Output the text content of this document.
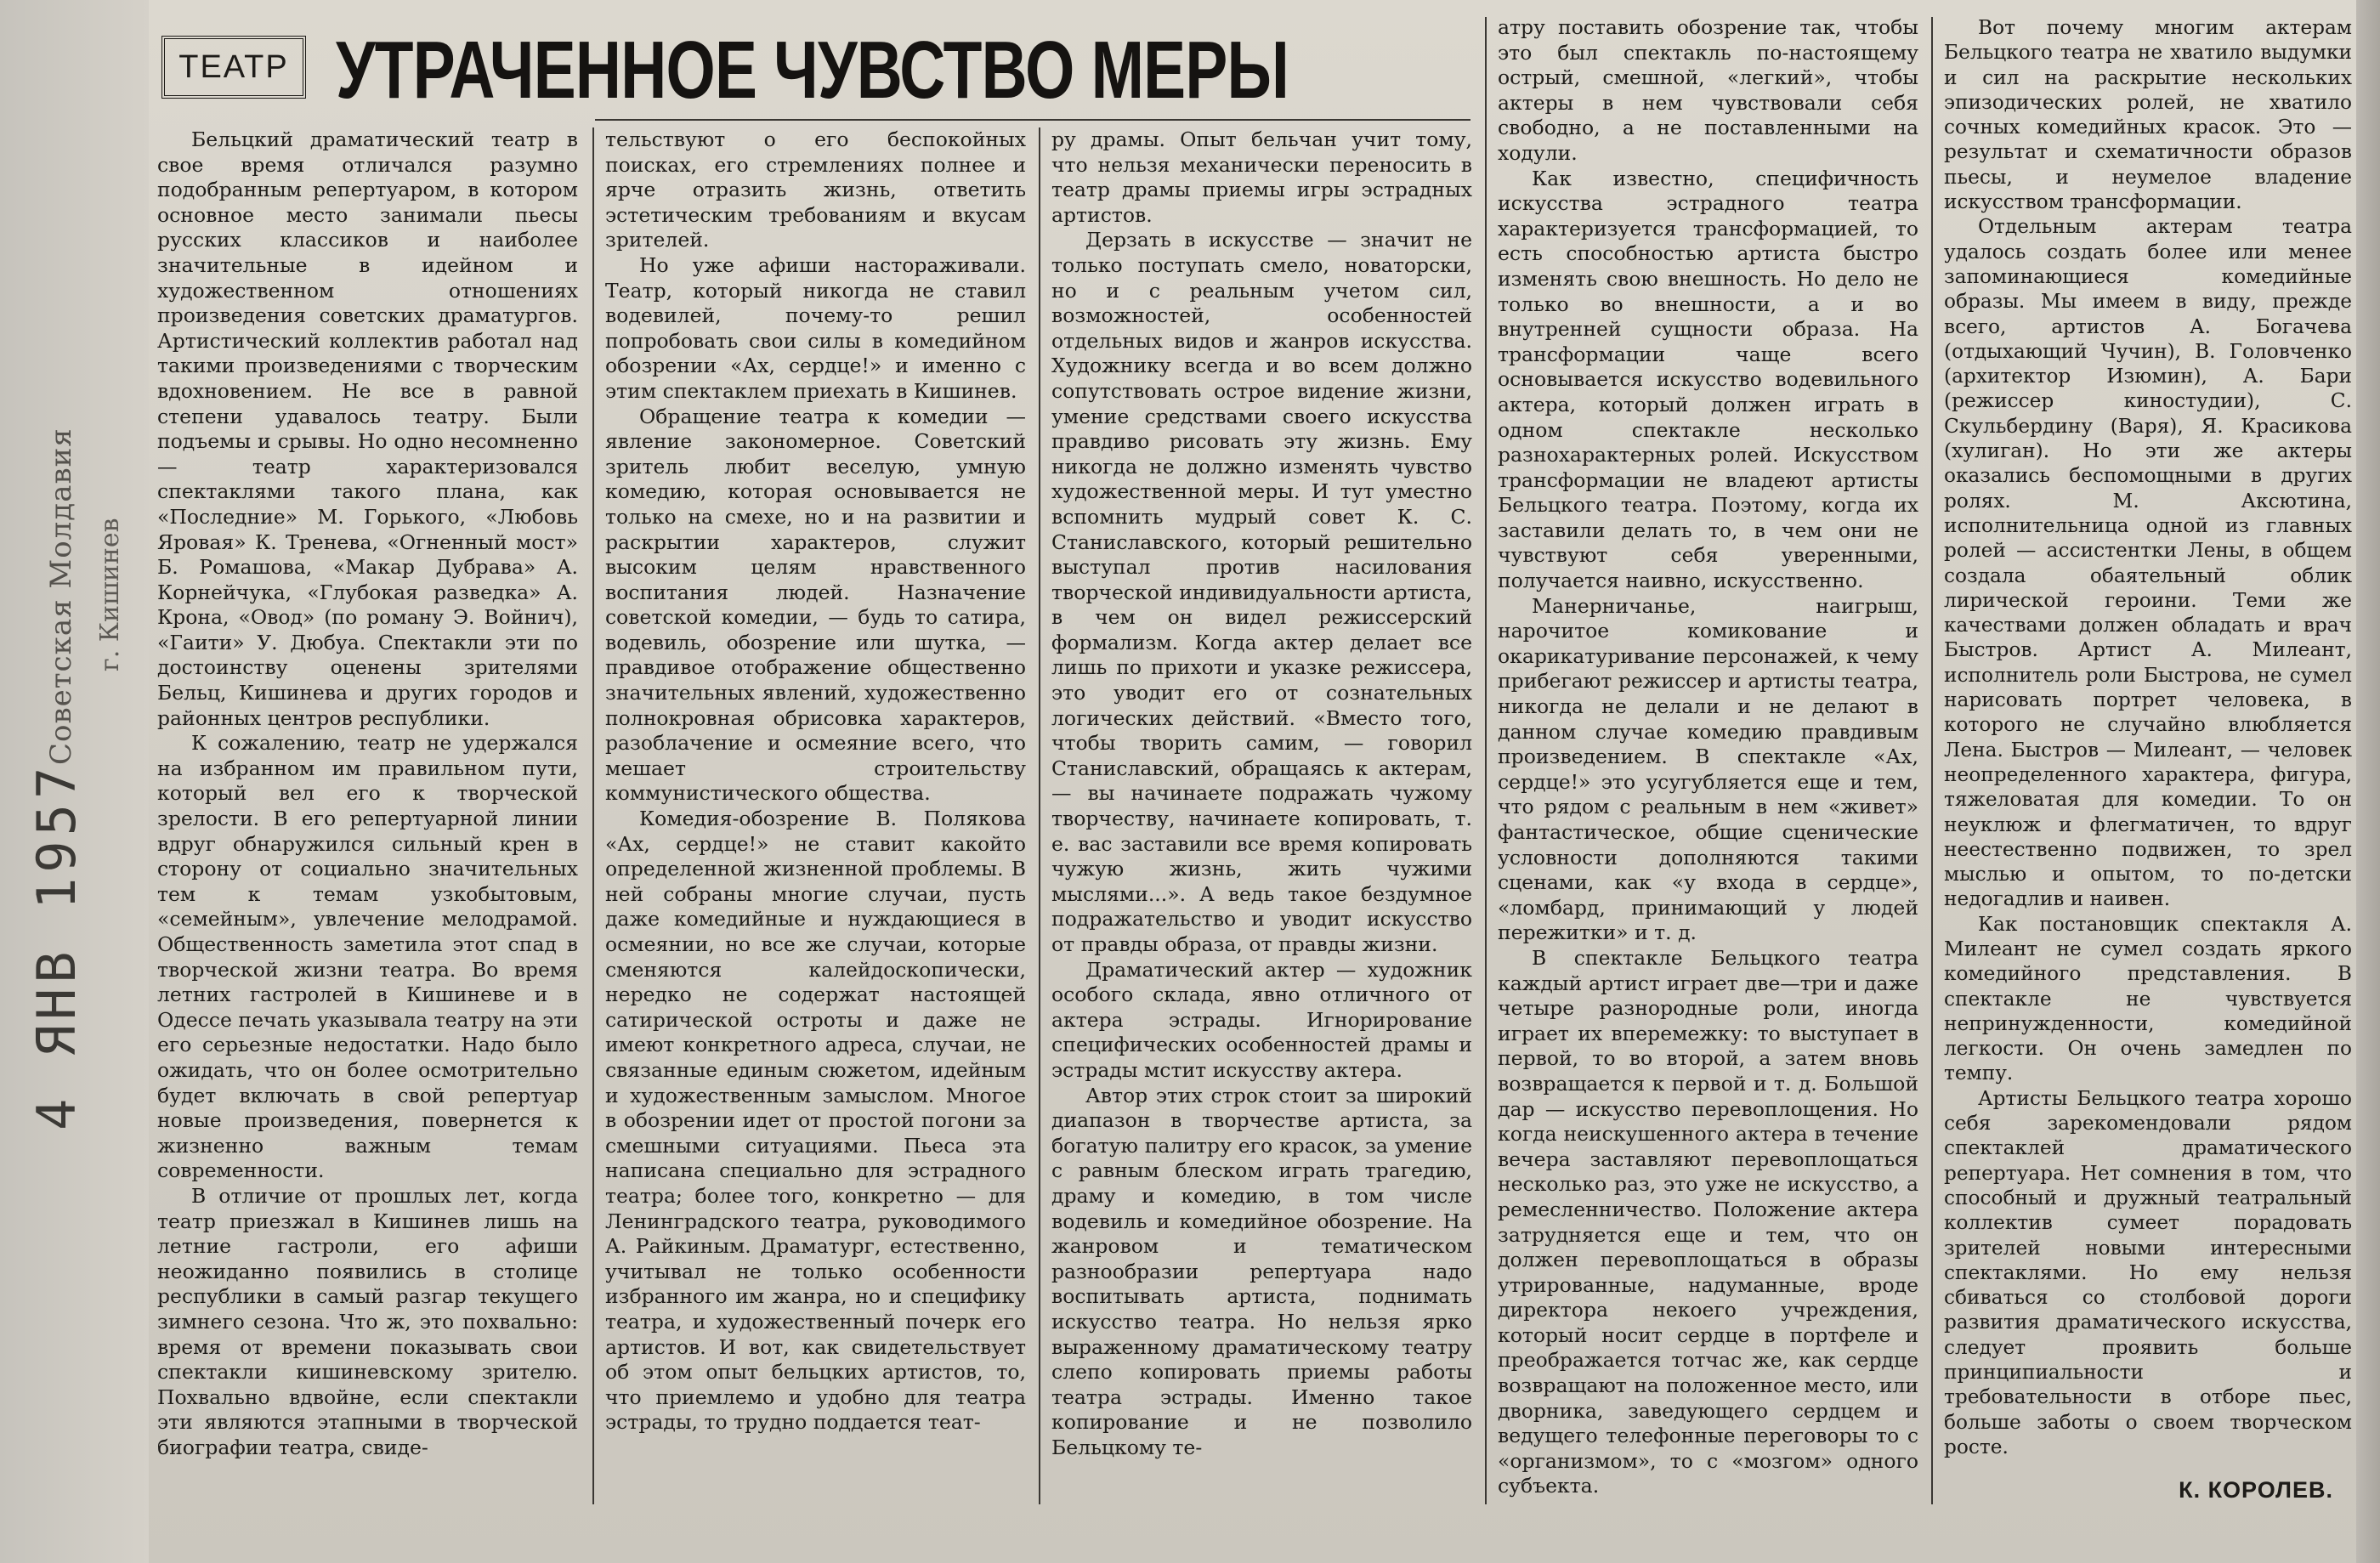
Советская Молдавия г. Кишинев
4 ЯНВ 1957
ТЕАТР УТРАЧЕННОЕ ЧУВСТВО МЕРЫ

Бельцкий драматический театр в свое время отличался разумно подобранным репертуаром, в котором основное место занимали пьесы русских классиков и наиболее значительные в идейном и художественном отношениях произведения советских драматургов. Артистический коллектив работал над такими произведениями с творческим вдохновением. Не все в равной степени удавалось театру. Были подъемы и срывы. Но одно несомненно — театр характеризовался спектаклями такого плана, как «Последние» М. Горького, «Любовь Яровая» К. Тренева, «Огненный мост» Б. Ромашова, «Макар Дубрава» А. Корнейчука, «Глубокая разведка» А. Крона, «Овод» (по роману Э. Войнич), «Гаити» У. Дюбуа. Спектакли эти по достоинству оценены зрителями Бельц, Кишинева и других городов и районных центров республики.

К сожалению, театр не удержался на избранном им правильном пути, который вел его к творческой зрелости. В его репертуарной линии вдруг обнаружился сильный крен в сторону от социально значительных тем к темам узкобытовым, «семейным», увлечение мелодрамой. Общественность заметила этот спад в творческой жизни театра. Во время летних гастролей в Кишиневе и в Одессе печать указывала театру на эти его серьезные недостатки. Надо было ожидать, что он более осмотрительно будет включать в свой репертуар новые произведения, повернется к жизненно важным темам современности.

В отличие от прошлых лет, когда театр приезжал в Кишинев лишь на летние гастроли, его афиши неожиданно появились в столице республики в самый разгар текущего зимнего сезона. Что ж, это похвально: время от времени показывать свои спектакли кишиневскому зрителю. Похвально вдвойне, если спектакли эти являются этапными в творческой биографии театра, свиде-

тельствуют о его беспокойных поисках, его стремлениях полнее и ярче отразить жизнь, ответить эстетическим требованиям и вкусам зрителей.

Но уже афиши настораживали. Театр, который никогда не ставил водевилей, почему-то решил попробовать свои силы в комедийном обозрении «Ах, сердце!» и именно с этим спектаклем приехать в Кишинев.

Обращение театра к комедии — явление закономерное. Советский зритель любит веселую, умную комедию, которая основывается не только на смехе, но и на развитии и раскрытии характеров, служит высоким целям нравственного воспитания людей. Назначение советской комедии, — будь то сатира, водевиль, обозрение или шутка, — правдивое отображение общественно значительных явлений, художественно полнокровная обрисовка характеров, разоблачение и осмеяние всего, что мешает строительству коммунистического общества.

Комедия-обозрение В. Полякова «Ах, сердце!» не ставит какойто определенной жизненной проблемы. В ней собраны многие случаи, пусть даже комедийные и нуждающиеся в осмеянии, но все же случаи, которые сменяются калейдоскопически, нередко не содержат настоящей сатирической остроты и даже не имеют конкретного адреса, случаи, не связанные единым сюжетом, идейным и художественным замыслом. Многое в обозрении идет от простой погони за смешными ситуациями. Пьеса эта написана специально для эстрадного театра; более того, конкретно — для Ленинградского театра, руководимого А. Райкиным. Драматург, естественно, учитывал не только особенности избранного им жанра, но и специфику театра, и художественный почерк его артистов. И вот, как свидетельствует об этом опыт бельцких артистов, то, что приемлемо и удобно для театра эстрады, то трудно поддается теат-

ру драмы. Опыт бельчан учит тому, что нельзя механически переносить в театр драмы приемы игры эстрадных артистов.

Дерзать в искусстве — значит не только поступать смело, новаторски, но и с реальным учетом сил, возможностей, особенностей отдельных видов и жанров искусства. Художнику всегда и во всем должно сопутствовать острое видение жизни, умение средствами своего искусства правдиво рисовать эту жизнь. Ему никогда не должно изменять чувство художественной меры. И тут уместно вспомнить мудрый совет К. С. Станиславского, который решительно выступал против насилования творческой индивидуальности артиста, в чем он видел режиссерский формализм. Когда актер делает все лишь по прихоти и указке режиссера, это уводит его от сознательных логических действий. «Вместо того, чтобы творить самим, — говорил Станиславский, обращаясь к актерам, — вы начинаете подражать чужому творчеству, начинаете копировать, т. е. вас заставили все время копировать чужую жизнь, жить чужими мыслями...». А ведь такое бездумное подражательство и уводит искусство от правды образа, от правды жизни.

Драматический актер — художник особого склада, явно отличного от актера эстрады. Игнорирование специфических особенностей драмы и эстрады мстит искусству актера.

Автор этих строк стоит за широкий диапазон в творчестве артиста, за богатую палитру его красок, за умение с равным блеском играть трагедию, драму и комедию, в том числе водевиль и комедийное обозрение. На жанровом и тематическом разнообразии репертуара надо воспитывать артиста, поднимать искусство театра. Но нельзя ярко выраженному драматическому театру слепо копировать приемы работы театра эстрады. Именно такое копирование и не позволило Бельцкому те-

атру поставить обозрение так, чтобы это был спектакль по-настоящему острый, смешной, «легкий», чтобы актеры в нем чувствовали себя свободно, а не поставленными на ходули.

Как известно, специфичность искусства эстрадного театра характеризуется трансформацией, то есть способностью артиста быстро изменять свою внешность. Но дело не только во внешности, а и во внутренней сущности образа. На трансформации чаще всего основывается искусство водевильного актера, который должен играть в одном спектакле несколько разнохарактерных ролей. Искусством трансформации не владеют артисты Бельцкого театра. Поэтому, когда их заставили делать то, в чем они не чувствуют себя уверенными, получается наивно, искусственно.

Манерничанье, наигрыш, нарочитое комикование и окарикатуривание персонажей, к чему прибегают режиссер и артисты театра, никогда не делали и не делают в данном случае комедию правдивым произведением. В спектакле «Ах, сердце!» это усугубляется еще и тем, что рядом с реальным в нем «живет» фантастическое, общие сценические условности дополняются такими сценами, как «у входа в сердце», «ломбард, принимающий у людей пережитки» и т. д.

В спектакле Бельцкого театра каждый артист играет две—три и даже четыре разнородные роли, иногда играет их вперемежку: то выступает в первой, то во второй, а затем вновь возвращается к первой и т. д. Большой дар — искусство перевоплощения. Но когда неискушенного актера в течение вечера заставляют перевоплощаться несколько раз, это уже не искусство, а ремесленничество. Положение актера затрудняется еще и тем, что он должен перевоплощаться в образы утрированные, надуманные, вроде директора некоего учреждения, который носит сердце в портфеле и преображается тотчас же, как сердце возвращают на положенное место, или дворника, заведующего сердцем и ведущего телефонные переговоры то с «организмом», то с «мозгом» одного субъекта.

Вот почему многим актерам Бельцкого театра не хватило выдумки и сил на раскрытие нескольких эпизодических ролей, не хватило сочных комедийных красок. Это — результат и схематичности образов пьесы, и неумелое владение искусством трансформации.

Отдельным актерам театра удалось создать более или менее запоминающиеся комедийные образы. Мы имеем в виду, прежде всего, артистов А. Богачева (отдыхающий Чучин), В. Головченко (архитектор Изюмин), А. Бари (режиссер киностудии), С. Скульбердину (Варя), Я. Красикова (хулиган). Но эти же актеры оказались беспомощными в других ролях. М. Аксютина, исполнительница одной из главных ролей — ассистентки Лены, в общем создала обаятельный облик лирической героини. Теми же качествами должен обладать и врач Быстров. Артист А. Милеант, исполнитель роли Быстрова, не сумел нарисовать портрет человека, в которого не случайно влюбляется Лена. Быстров — Милеант, — человек неопределенного характера, фигура, тяжеловатая для комедии. То он неуклюж и флегматичен, то вдруг неестественно подвижен, то зрел мыслью и опытом, то по-детски недогадлив и наивен.

Как постановщик спектакля А. Милеант не сумел создать яркого комедийного представления. В спектакле не чувствуется непринужденности, комедийной легкости. Он очень замедлен по темпу.

Артисты Бельцкого театра хорошо себя зарекомендовали рядом спектаклей драматического репертуара. Нет сомнения в том, что способный и дружный театральный коллектив сумеет порадовать зрителей новыми интересными спектаклями. Но ему нельзя сбиваться со столбовой дороги развития драматического искусства, следует проявить больше принципиальности и требовательности в отборе пьес, больше заботы о своем творческом росте.

К. КОРОЛЕВ.
